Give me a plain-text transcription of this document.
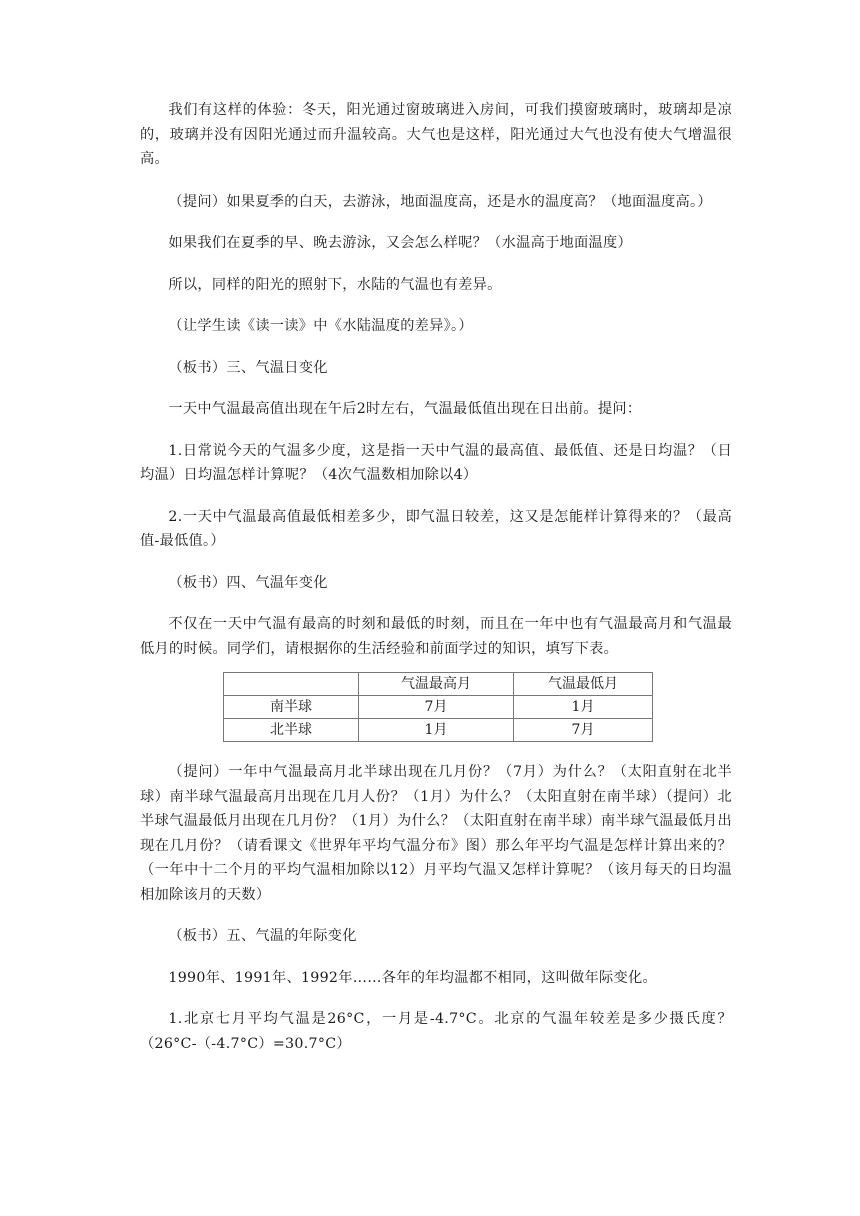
我们有这样的体验：冬天，阳光通过窗玻璃进入房间，可我们摸窗玻璃时，玻璃却是凉的，玻璃并没有因阳光通过而升温较高。大气也是这样，阳光通过大气也没有使大气增温很高。

（提问）如果夏季的白天，去游泳，地面温度高，还是水的温度高？（地面温度高。）

如果我们在夏季的早、晚去游泳，又会怎么样呢？（水温高于地面温度）

所以，同样的阳光的照射下，水陆的气温也有差异。

（让学生读《读一读》中《水陆温度的差异》。）

（板书）三、气温日变化

一天中气温最高值出现在午后2时左右，气温最低值出现在日出前。提问：

1.日常说今天的气温多少度，这是指一天中气温的最高值、最低值、还是日均温？（日均温）日均温怎样计算呢？（4次气温数相加除以4）

2.一天中气温最高值最低相差多少，即气温日较差，这又是怎能样计算得来的？（最高值-最低值。）

（板书）四、气温年变化

不仅在一天中气温有最高的时刻和最低的时刻，而且在一年中也有气温最高月和气温最低月的时候。同学们，请根据你的生活经验和前面学过的知识，填写下表。

	气温最高月	气温最低月
南半球	7月	1月
北半球	1月	7月

（提问）一年中气温最高月北半球出现在几月份？（7月）为什么？（太阳直射在北半球）南半球气温最高月出现在几月人份？（1月）为什么？（太阳直射在南半球）（提问）北半球气温最低月出现在几月份？（1月）为什么？（太阳直射在南半球）南半球气温最低月出现在几月份？（请看课文《世界年平均气温分布》图）那么年平均气温是怎样计算出来的？（一年中十二个月的平均气温相加除以12）月平均气温又怎样计算呢？（该月每天的日均温相加除该月的天数）

（板书）五、气温的年际变化

1990年、1991年、1992年……各年的年均温都不相同，这叫做年际变化。

1.北京七月平均气温是26°C，一月是-4.7°C。北京的气温年较差是多少摄氏度？（26°C-（-4.7°C）=30.7°C）
